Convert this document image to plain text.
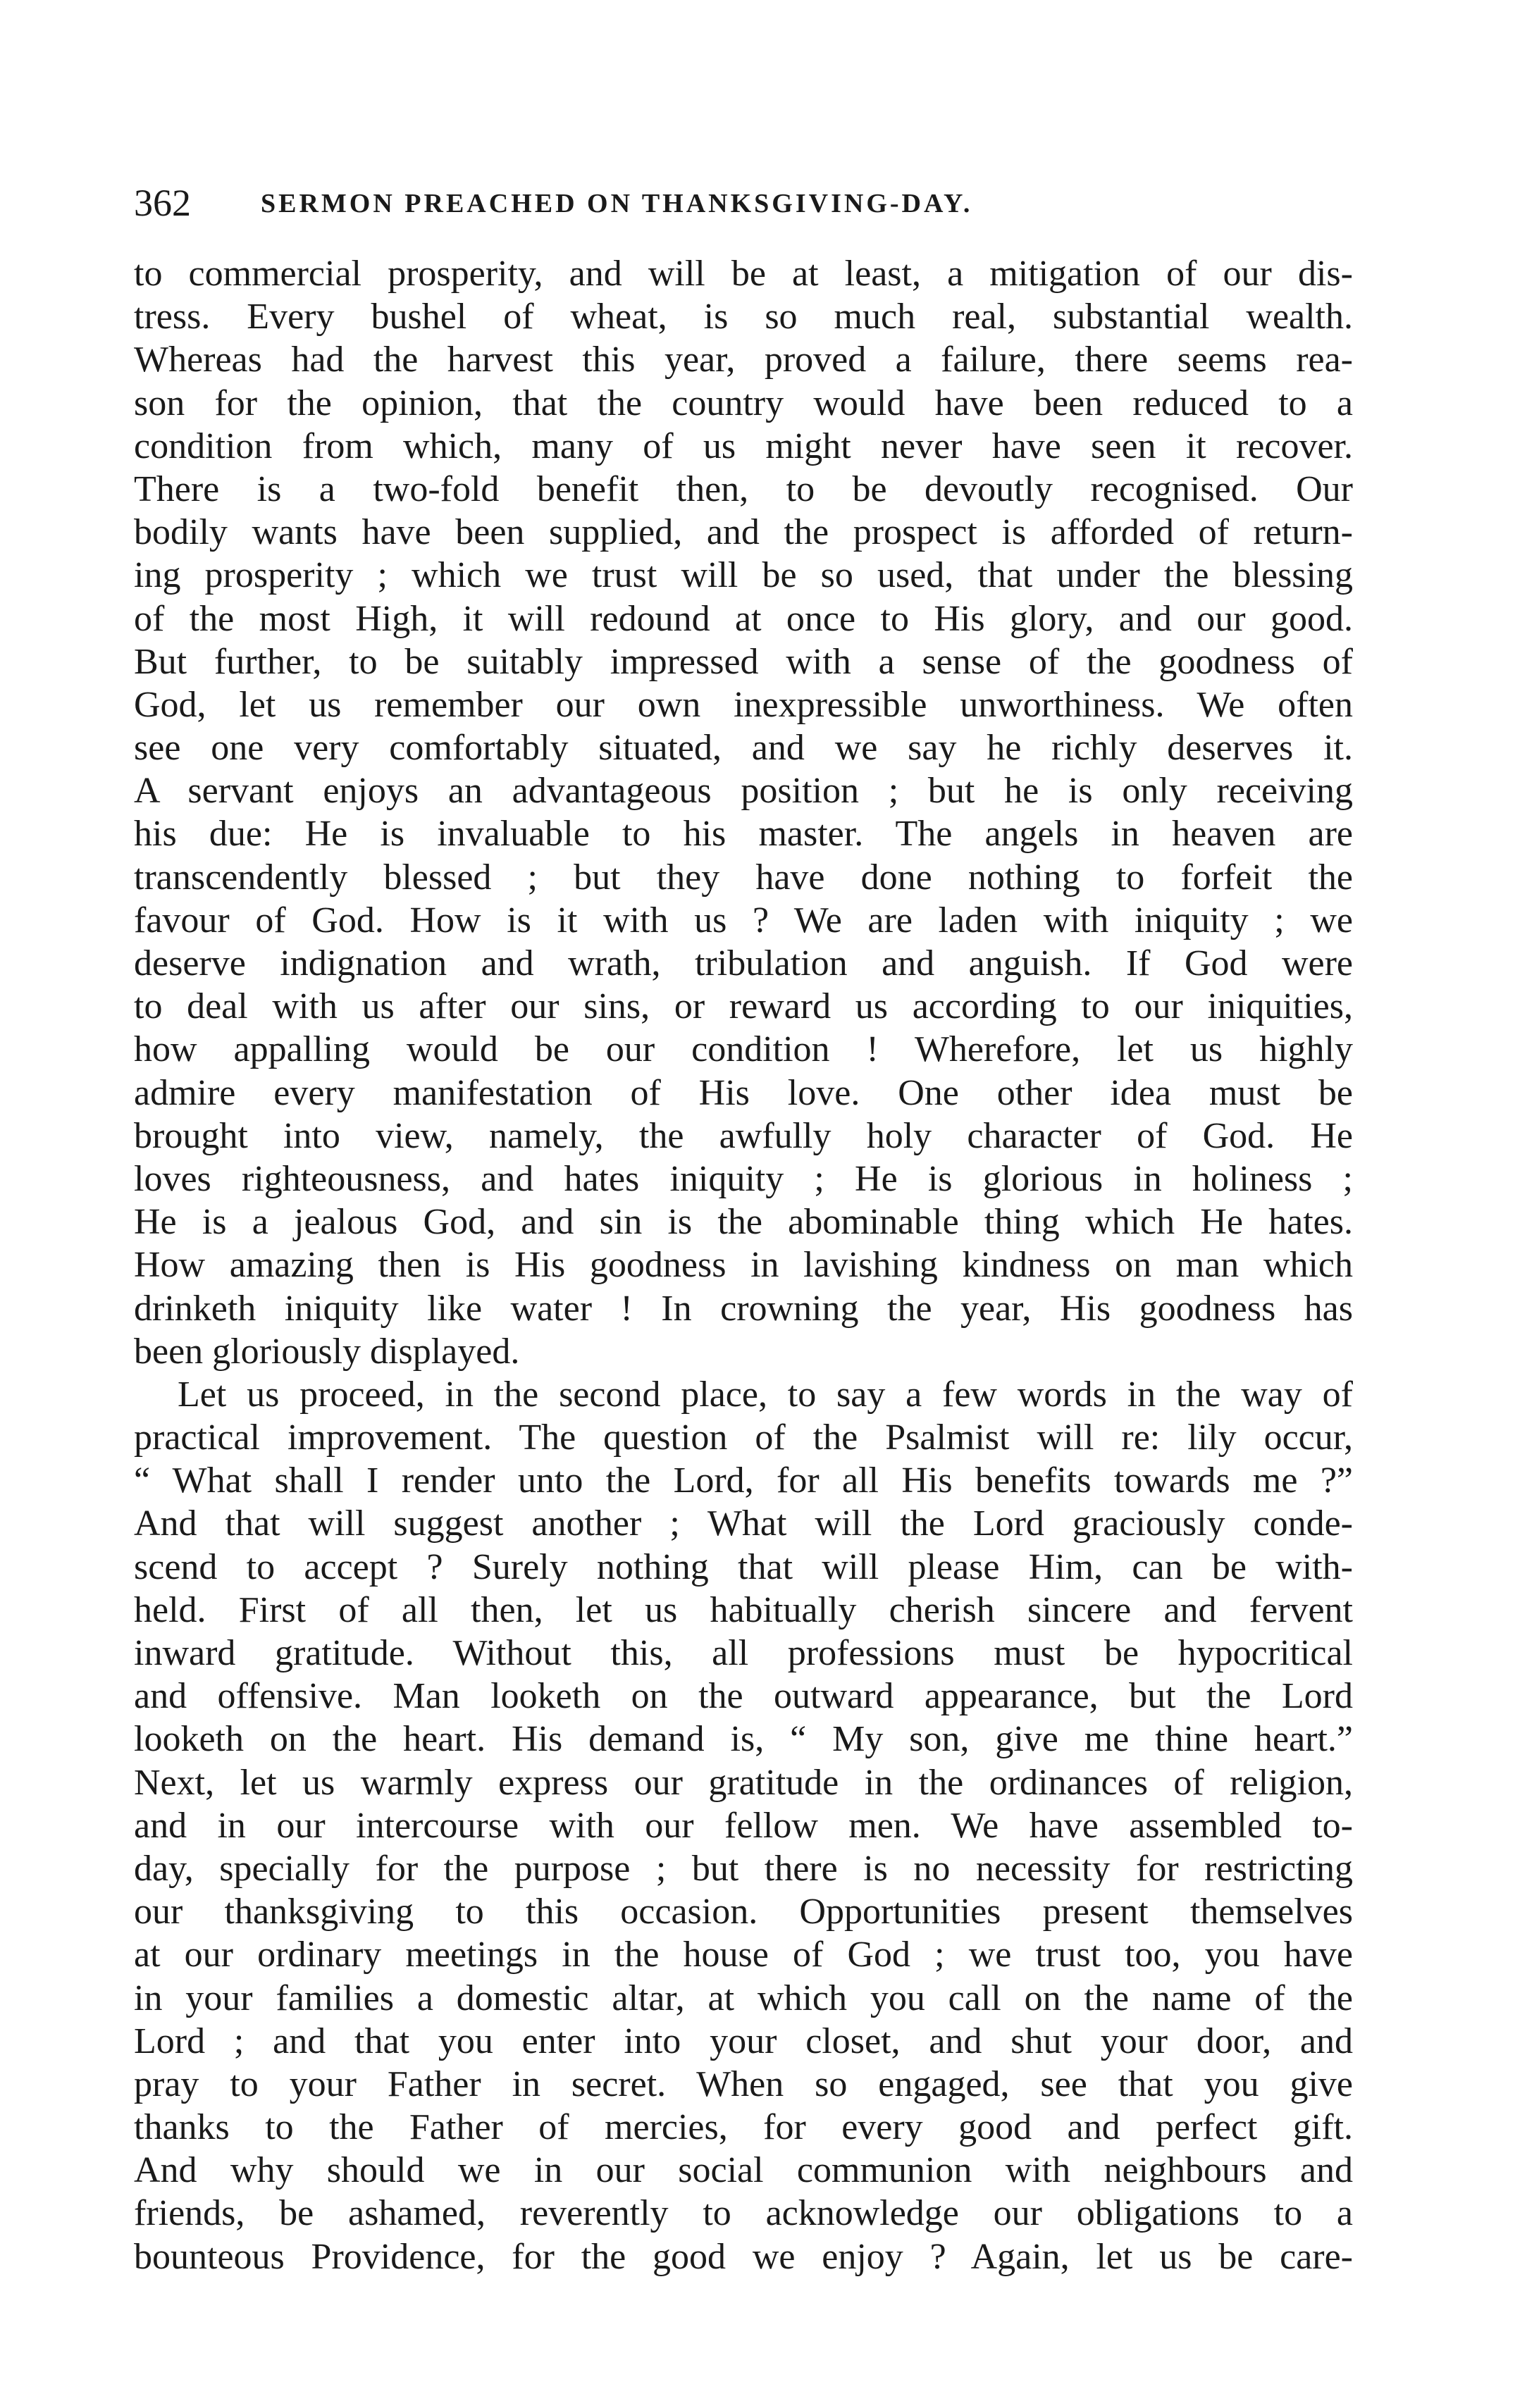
362	SERMON PREACHED ON THANKSGIVING-DAY.
to commercial prosperity, and will be at least, a mitigation of our dis-
tress. Every bushel of wheat, is so much real, substantial wealth.
Whereas had the harvest this year, proved a failure, there seems rea-
son for the opinion, that the country would have been reduced to a
condition from which, many of us might never have seen it recover.
There is a two-fold benefit then, to be devoutly recognised. Our
bodily wants have been supplied, and the prospect is afforded of return-
ing prosperity ; which we trust will be so used, that under the blessing
of the most High, it will redound at once to His glory, and our good.
But further, to be suitably impressed with a sense of the goodness of
God, let us remember our own inexpressible unworthiness. We often
see one very comfortably situated, and we say he richly deserves it.
A servant enjoys an advantageous position ; but he is only receiving
his due: He is invaluable to his master. The angels in heaven are
transcendently blessed ; but they have done nothing to forfeit the
favour of God. How is it with us ? We are laden with iniquity ; we
deserve indignation and wrath, tribulation and anguish. If God were
to deal with us after our sins, or reward us according to our iniquities,
how appalling would be our condition ! Wherefore, let us highly
admire every manifestation of His love. One other idea must be
brought into view, namely, the awfully holy character of God. He
loves righteousness, and hates iniquity ; He is glorious in holiness ;
He is a jealous God, and sin is the abominable thing which He hates.
How amazing then is His goodness in lavishing kindness on man which
drinketh iniquity like water ! In crowning the year, His goodness has
been gloriously displayed.
Let us proceed, in the second place, to say a few words in the way of
practical improvement. The question of the Psalmist will re: lily occur,
“ What shall I render unto the Lord, for all His benefits towards me ?”
And that will suggest another ; What will the Lord graciously conde-
scend to accept ? Surely nothing that will please Him, can be with-
held. First of all then, let us habitually cherish sincere and fervent
inward gratitude. Without this, all professions must be hypocritical
and offensive. Man looketh on the outward appearance, but the Lord
looketh on the heart. His demand is, “ My son, give me thine heart.”
Next, let us warmly express our gratitude in the ordinances of religion,
and in our intercourse with our fellow men. We have assembled to-
day, specially for the purpose ; but there is no necessity for restricting
our thanksgiving to this occasion. Opportunities present themselves
at our ordinary meetings in the house of God ; we trust too, you have
in your families a domestic altar, at which you call on the name of the
Lord ; and that you enter into your closet, and shut your door, and
pray to your Father in secret. When so engaged, see that you give
thanks to the Father of mercies, for every good and perfect gift.
And why should we in our social communion with neighbours and
friends, be ashamed, reverently to acknowledge our obligations to a
bounteous Providence, for the good we enjoy ? Again, let us be care-
